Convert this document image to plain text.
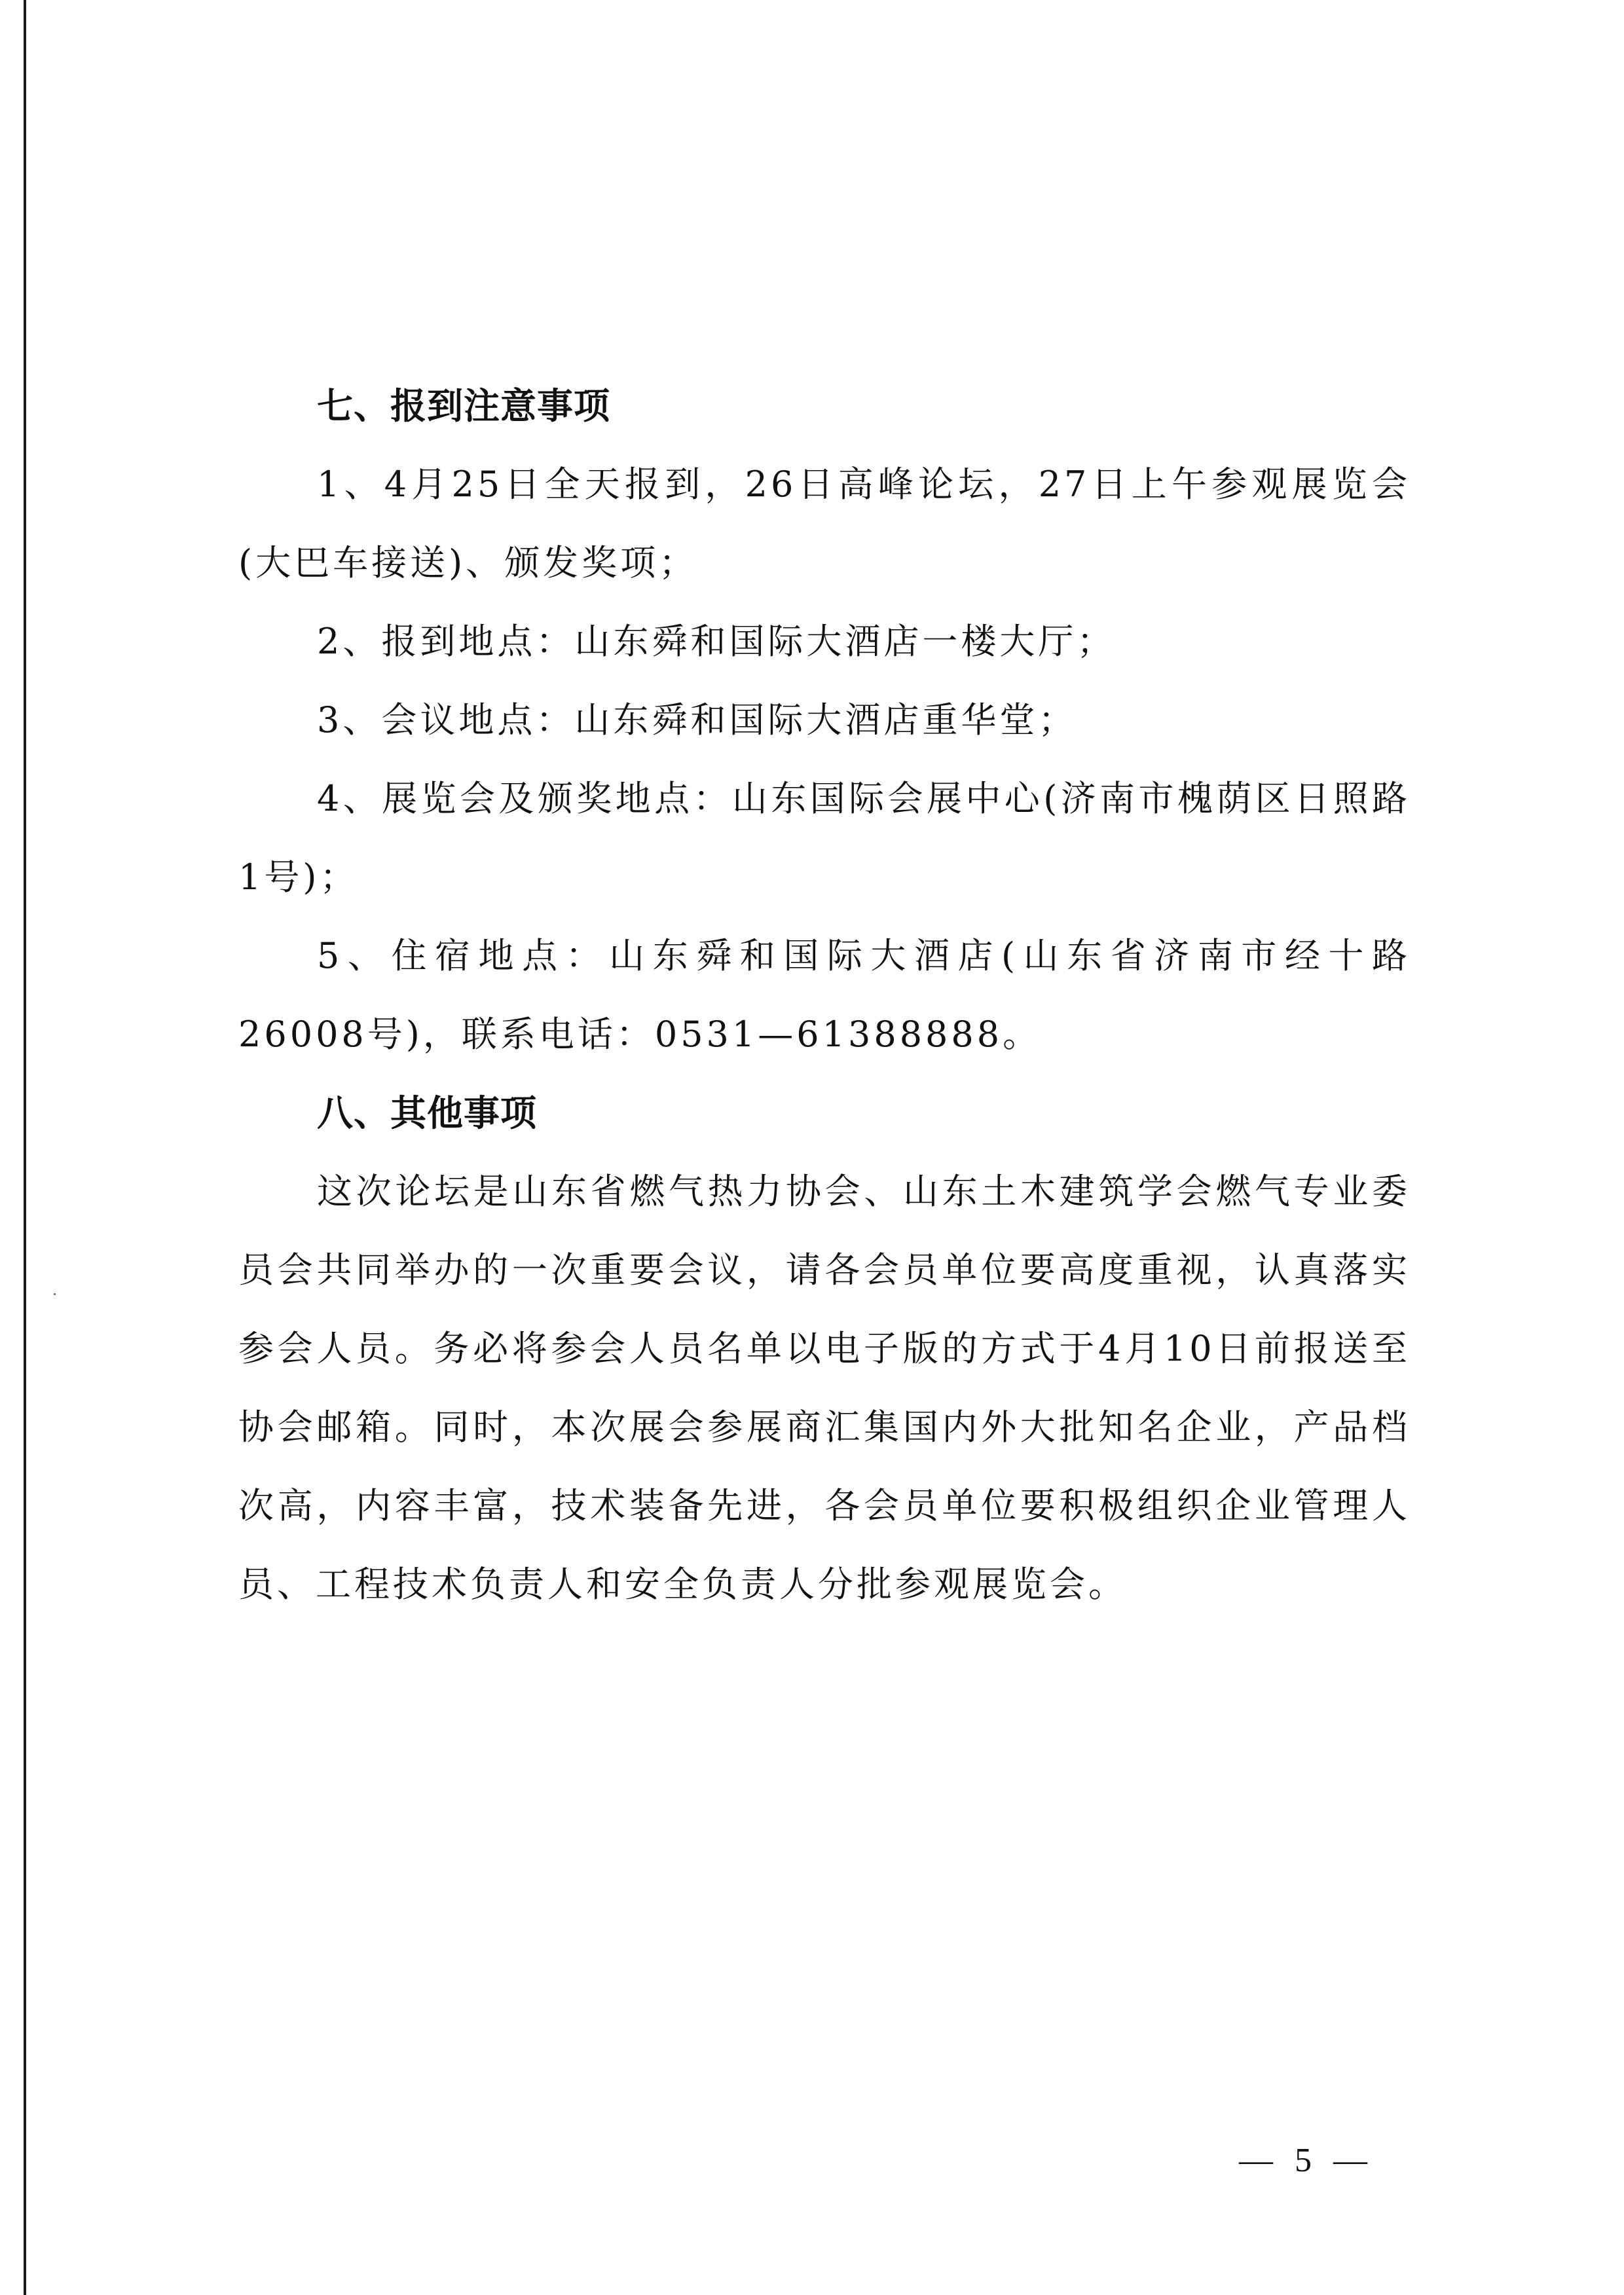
七、报到注意事项

1、4月25日全天报到，26日高峰论坛，27日上午参观展览会(大巴车接送)、颁发奖项；

2、报到地点：山东舜和国际大酒店一楼大厅；

3、会议地点：山东舜和国际大酒店重华堂；

4、展览会及颁奖地点：山东国际会展中心(济南市槐荫区日照路1号)；

5、住宿地点：山东舜和国际大酒店(山东省济南市经十路26008号)，联系电话：0531—61388888。

八、其他事项

这次论坛是山东省燃气热力协会、山东土木建筑学会燃气专业委员会共同举办的一次重要会议，请各会员单位要高度重视，认真落实参会人员。务必将参会人员名单以电子版的方式于4月10日前报送至协会邮箱。同时，本次展会参展商汇集国内外大批知名企业，产品档次高，内容丰富，技术装备先进，各会员单位要积极组织企业管理人员、工程技术负责人和安全负责人分批参观展览会。

— 5 —
